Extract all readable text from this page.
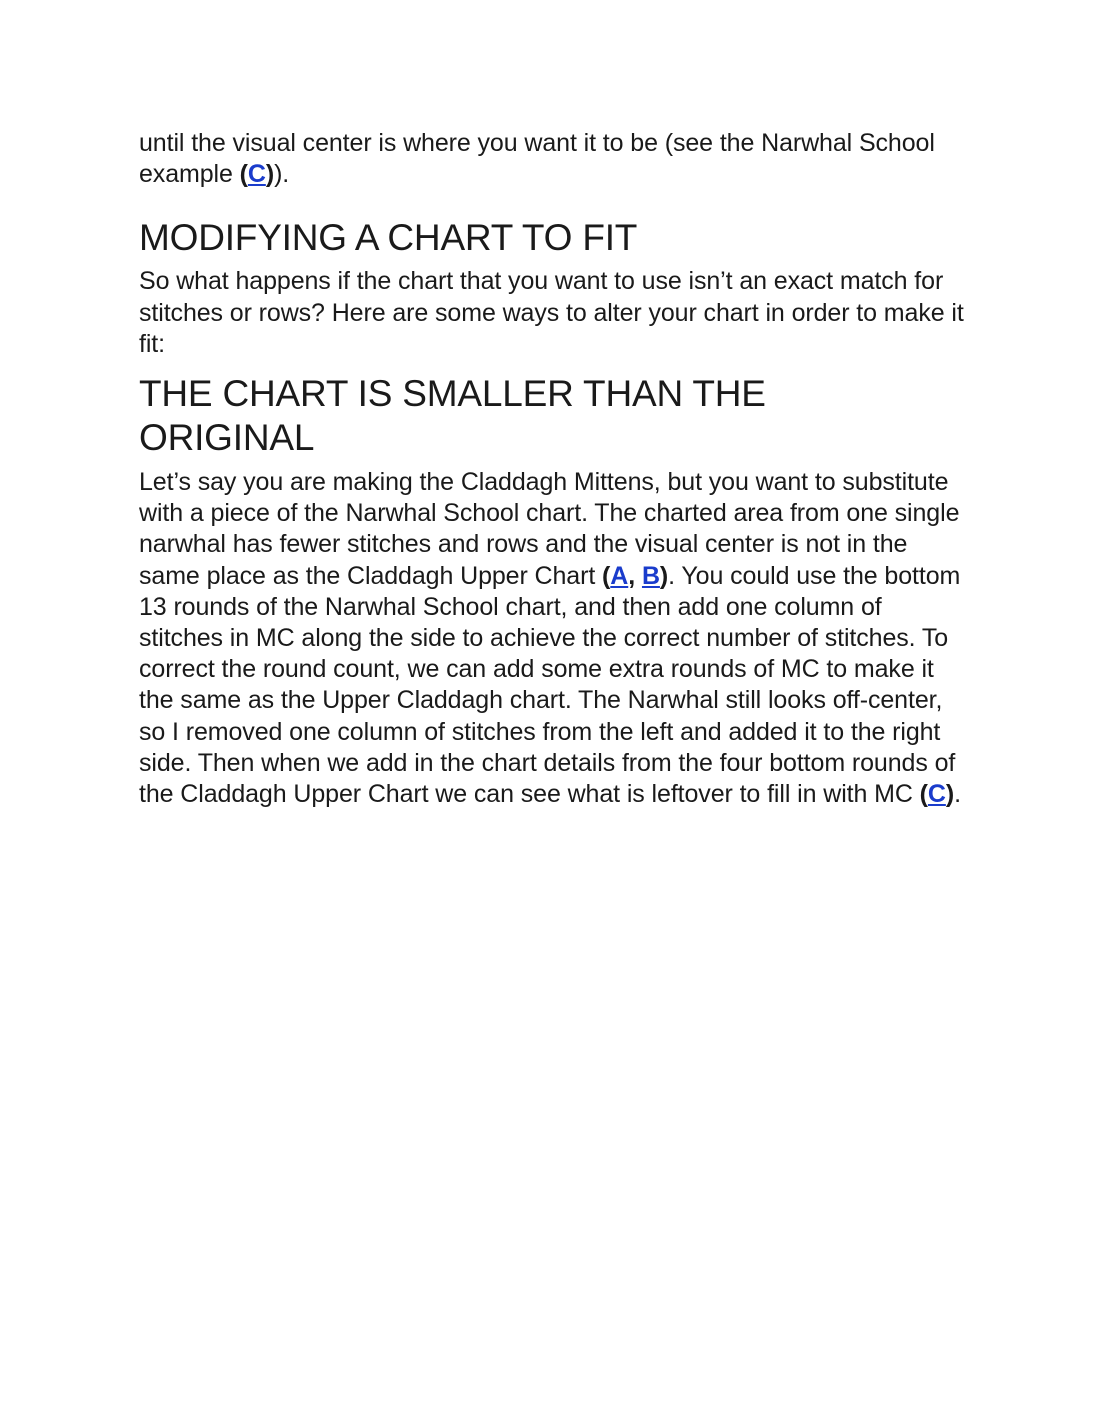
until the visual center is where you want it to be (see the Narwhal School example (C)).

MODIFYING A CHART TO FIT

So what happens if the chart that you want to use isn’t an exact match for stitches or rows? Here are some ways to alter your chart in order to make it fit:

THE CHART IS SMALLER THAN THE ORIGINAL

Let’s say you are making the Claddagh Mittens, but you want to substitute with a piece of the Narwhal School chart. The charted area from one single narwhal has fewer stitches and rows and the visual center is not in the same place as the Claddagh Upper Chart (A, B). You could use the bottom 13 rounds of the Narwhal School chart, and then add one column of stitches in MC along the side to achieve the correct number of stitches. To correct the round count, we can add some extra rounds of MC to make it the same as the Upper Claddagh chart. The Narwhal still looks off-center, so I removed one column of stitches from the left and added it to the right side. Then when we add in the chart details from the four bottom rounds of the Claddagh Upper Chart we can see what is leftover to fill in with MC (C).
